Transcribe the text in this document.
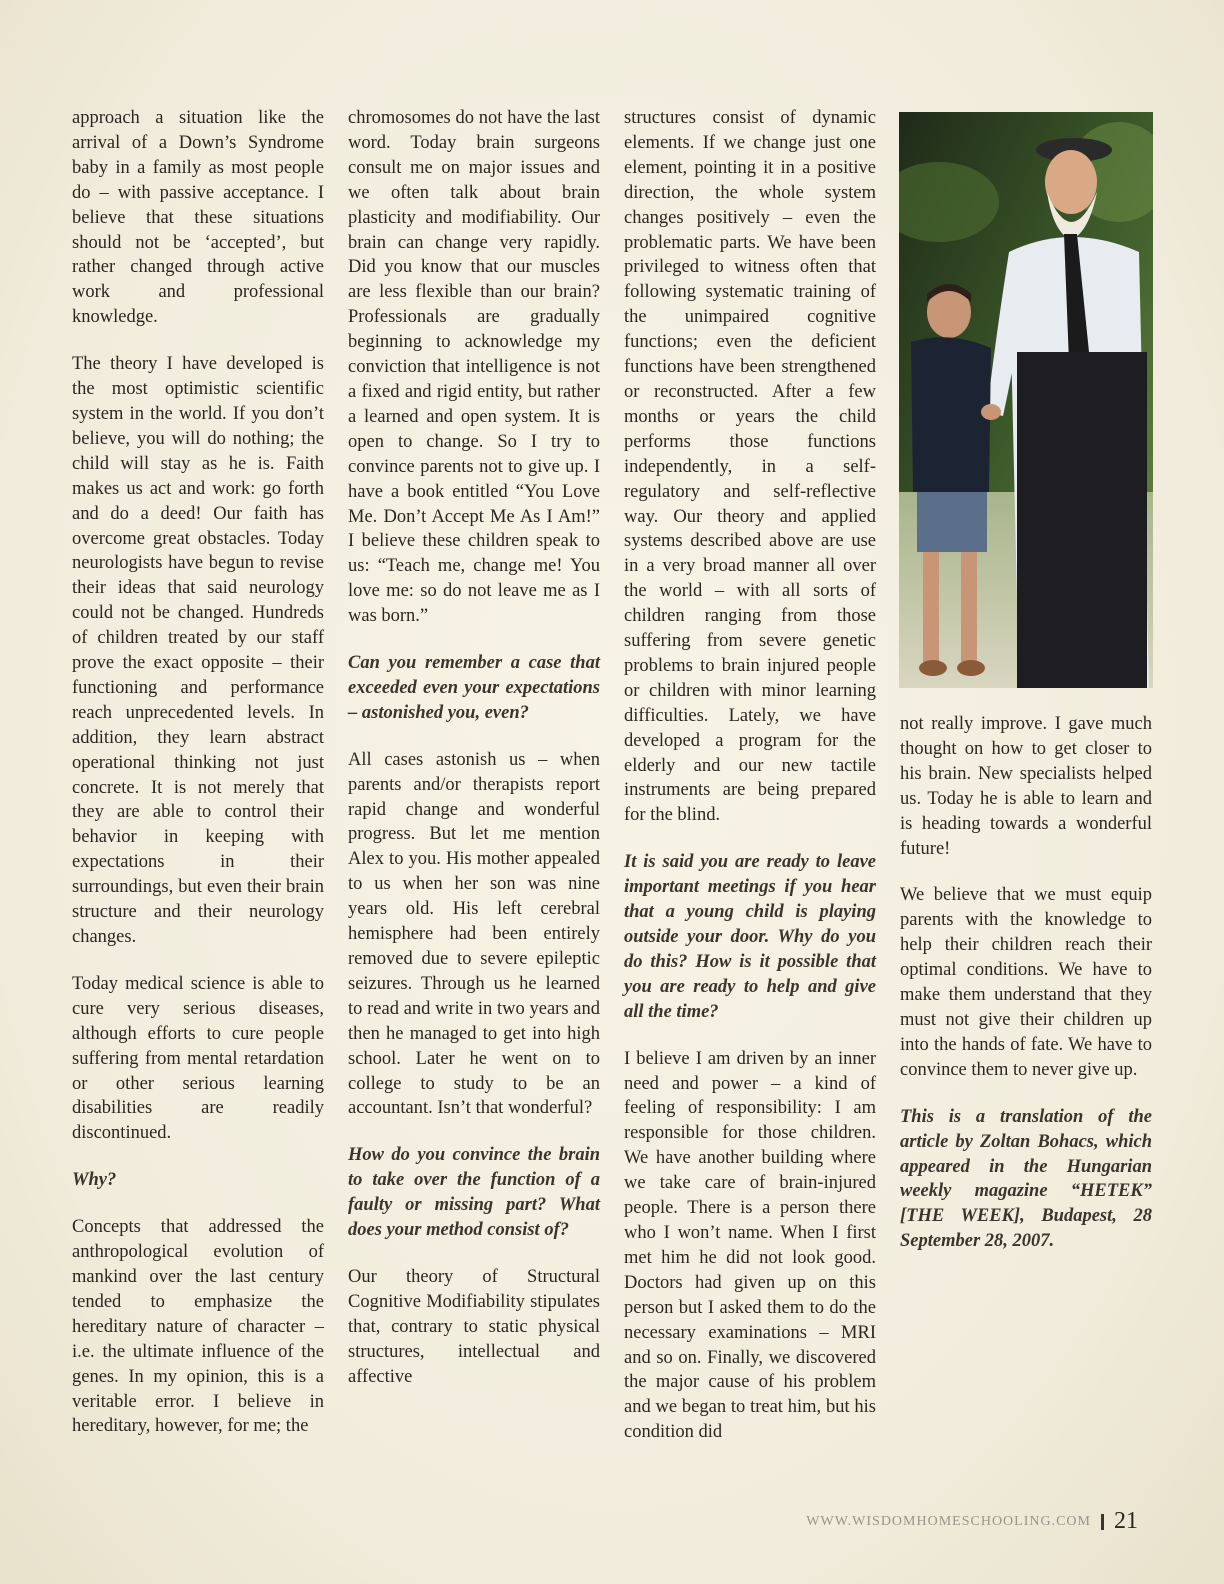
approach a situation like the arrival of a Down’s Syndrome baby in a family as most people do – with passive acceptance. I believe that these situations should not be ‘accepted’, but rather changed through active work and professional knowledge.

The theory I have developed is the most optimistic scientific system in the world. If you don’t believe, you will do nothing; the child will stay as he is. Faith makes us act and work: go forth and do a deed! Our faith has overcome great obstacles. Today neurologists have begun to revise their ideas that said neurology could not be changed. Hundreds of children treated by our staff prove the exact opposite – their functioning and performance reach unprecedented levels. In addition, they learn abstract operational thinking not just concrete. It is not merely that they are able to control their behavior in keeping with expectations in their surroundings, but even their brain structure and their neurology changes.

Today medical science is able to cure very serious diseases, although efforts to cure people suffering from mental retardation or other serious learning disabilities are readily discontinued.

Why?

Concepts that addressed the anthropological evolution of mankind over the last century tended to emphasize the hereditary nature of character – i.e. the ultimate influence of the genes. In my opinion, this is a veritable error. I believe in hereditary, however, for me; the

chromosomes do not have the last word. Today brain surgeons consult me on major issues and we often talk about brain plasticity and modifiability. Our brain can change very rapidly. Did you know that our muscles are less flexible than our brain? Professionals are gradually beginning to acknowledge my conviction that intelligence is not a fixed and rigid entity, but rather a learned and open system. It is open to change. So I try to convince parents not to give up. I have a book entitled “You Love Me. Don’t Accept Me As I Am!” I believe these children speak to us: “Teach me, change me! You love me: so do not leave me as I was born.”

Can you remember a case that exceeded even your expectations – astonished you, even?

All cases astonish us – when parents and/or therapists report rapid change and wonderful progress. But let me mention Alex to you. His mother appealed to us when her son was nine years old. His left cerebral hemisphere had been entirely removed due to severe epileptic seizures. Through us he learned to read and write in two years and then he managed to get into high school. Later he went on to college to study to be an accountant. Isn’t that wonderful?

How do you convince the brain to take over the function of a faulty or missing part? What does your method consist of?

Our theory of Structural Cognitive Modifiability stipulates that, contrary to static physical structures, intellectual and affective

structures consist of dynamic elements. If we change just one element, pointing it in a positive direction, the whole system changes positively – even the problematic parts. We have been privileged to witness often that following systematic training of the unimpaired cognitive functions; even the deficient functions have been strengthened or reconstructed. After a few months or years the child performs those functions independently, in a self-regulatory and self-reflective way. Our theory and applied systems described above are use in a very broad manner all over the world – with all sorts of children ranging from those suffering from severe genetic problems to brain injured people or children with minor learning difficulties. Lately, we have developed a program for the elderly and our new tactile instruments are being prepared for the blind.

It is said you are ready to leave important meetings if you hear that a young child is playing outside your door. Why do you do this? How is it possible that you are ready to help and give all the time?

I believe I am driven by an inner need and power – a kind of feeling of responsibility: I am responsible for those children. We have another building where we take care of brain-injured people. There is a person there who I won’t name. When I first met him he did not look good. Doctors had given up on this person but I asked them to do the necessary examinations – MRI and so on. Finally, we discovered the major cause of his problem and we began to treat him, but his condition did

not really improve. I gave much thought on how to get closer to his brain. New specialists helped us. Today he is able to learn and is heading towards a wonderful future!

We believe that we must equip parents with the knowledge to help their children reach their optimal conditions. We have to make them understand that they must not give their children up into the hands of fate. We have to convince them to never give up.

This is a translation of the article by Zoltan Bohacs, which appeared in the Hungarian weekly magazine “HETEK” [THE WEEK], Budapest, 28 September 28, 2007.

WWW.WISDOMHOMESCHOOLING.COM 21
